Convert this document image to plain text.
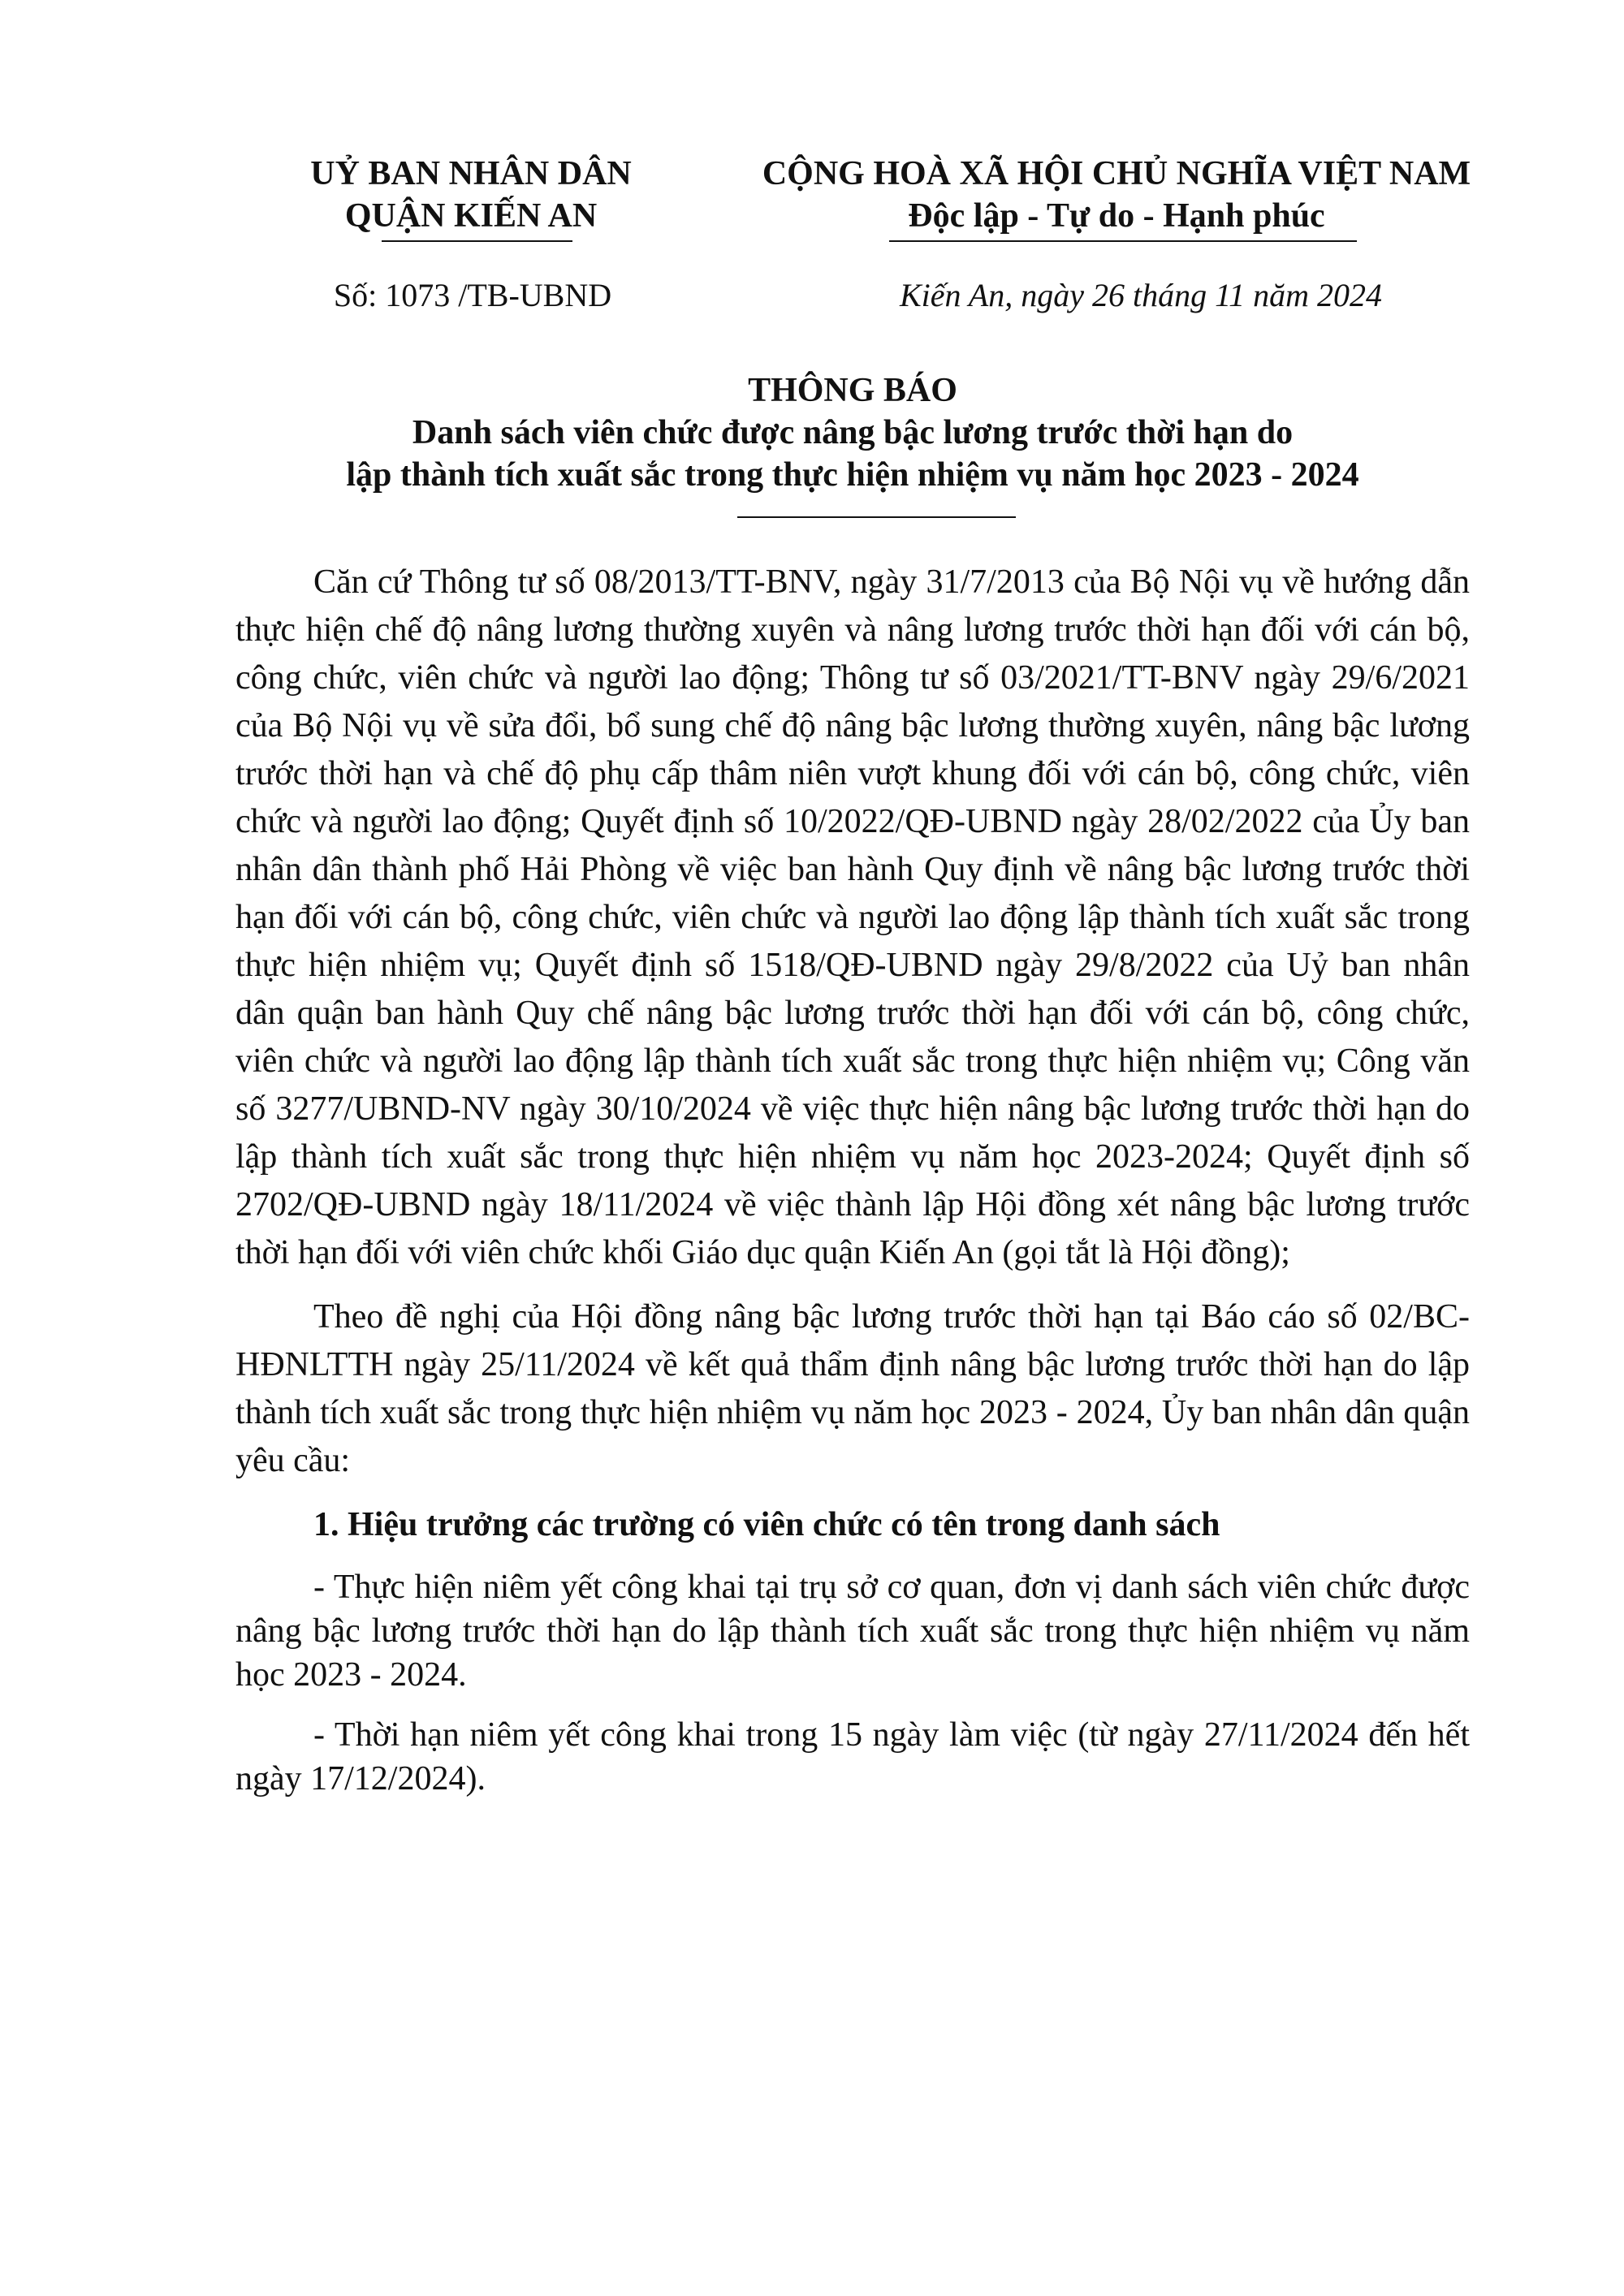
UỶ BAN NHÂN DÂN
QUẬN KIẾN AN
CỘNG HOÀ XÃ HỘI CHỦ NGHĨA VIỆT NAM
Độc lập - Tự do - Hạnh phúc
Số: 1073 /TB-UBND	Kiến An, ngày 26 tháng 11 năm 2024
THÔNG BÁO
Danh sách viên chức được nâng bậc lương trước thời hạn do
lập thành tích xuất sắc trong thực hiện nhiệm vụ năm học 2023 - 2024

Căn cứ Thông tư số 08/2013/TT-BNV, ngày 31/7/2013 của Bộ Nội vụ về hướng dẫn thực hiện chế độ nâng lương thường xuyên và nâng lương trước thời hạn đối với cán bộ, công chức, viên chức và người lao động; Thông tư số 03/2021/TT-BNV ngày 29/6/2021 của Bộ Nội vụ về sửa đổi, bổ sung chế độ nâng bậc lương thường xuyên, nâng bậc lương trước thời hạn và chế độ phụ cấp thâm niên vượt khung đối với cán bộ, công chức, viên chức và người lao động; Quyết định số 10/2022/QĐ-UBND ngày 28/02/2022 của Ủy ban nhân dân thành phố Hải Phòng về việc ban hành Quy định về nâng bậc lương trước thời hạn đối với cán bộ, công chức, viên chức và người lao động lập thành tích xuất sắc trong thực hiện nhiệm vụ; Quyết định số 1518/QĐ-UBND ngày 29/8/2022 của Uỷ ban nhân dân quận ban hành Quy chế nâng bậc lương trước thời hạn đối với cán bộ, công chức, viên chức và người lao động lập thành tích xuất sắc trong thực hiện nhiệm vụ; Công văn số 3277/UBND-NV ngày 30/10/2024 về việc thực hiện nâng bậc lương trước thời hạn do lập thành tích xuất sắc trong thực hiện nhiệm vụ năm học 2023-2024; Quyết định số 2702/QĐ-UBND ngày 18/11/2024 về việc thành lập Hội đồng xét nâng bậc lương trước thời hạn đối với viên chức khối Giáo dục quận Kiến An (gọi tắt là Hội đồng);

Theo đề nghị của Hội đồng nâng bậc lương trước thời hạn tại Báo cáo số 02/BC-HĐNLTTH ngày 25/11/2024 về kết quả thẩm định nâng bậc lương trước thời hạn do lập thành tích xuất sắc trong thực hiện nhiệm vụ năm học 2023 - 2024, Ủy ban nhân dân quận yêu cầu:

1. Hiệu trưởng các trường có viên chức có tên trong danh sách

- Thực hiện niêm yết công khai tại trụ sở cơ quan, đơn vị danh sách viên chức được nâng bậc lương trước thời hạn do lập thành tích xuất sắc trong thực hiện nhiệm vụ năm học 2023 - 2024.

- Thời hạn niêm yết công khai trong 15 ngày làm việc (từ ngày 27/11/2024 đến hết ngày 17/12/2024).
